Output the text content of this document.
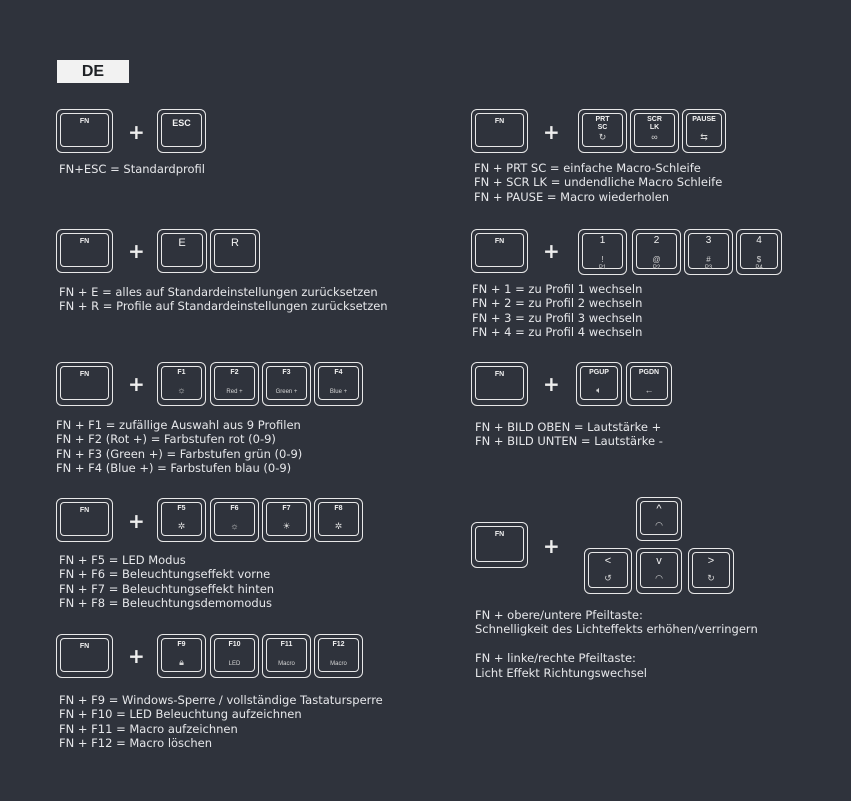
DE
FN	+	ESC
FN+ESC = Standardprofil
FN	+	E	R
FN + E = alles auf Standardeinstellungen zurücksetzen
FN + R = Profile auf Standardeinstellungen zurücksetzen
FN	+	F1
☼
F2
Red +
F3
Green +
F4
Blue +
FN + F1 = zufällige Auswahl aus 9 Profilen
FN + F2 (Rot +) = Farbstufen rot (0-9)
FN + F3 (Green +) = Farbstufen grün (0-9)
FN + F4 (Blue +) = Farbstufen blau (0-9)
FN	+
F5
✲
F6
☼
F7
☀
F8
✲
FN + F5 = LED Modus
FN + F6 = Beleuchtungseffekt vorne
FN + F7 = Beleuchtungseffekt hinten
FN + F8 = Beleuchtungsdemomodus
FN	+	F9
🔒︎
F10
LED
F11
Macro
F12
Macro
FN + F9 = Windows-Sperre / vollständige Tastatursperre
FN + F10 = LED Beleuchtung aufzeichnen
FN + F11 = Macro aufzeichnen
FN + F12 = Macro löschen
FN	+
PRT
SC
↻
SCR
LK
∞
PAUSE
⇆
FN + PRT SC = einfache Macro-Schleife
FN + SCR LK = undendliche Macro Schleife
FN + PAUSE = Macro wiederholen
FN	+	1
!
P1
2
@
P2
3
#
P3
4
$
P4
FN + 1 = zu Profil 1 wechseln
FN + 2 = zu Profil 2 wechseln
FN + 3 = zu Profil 3 wechseln
FN + 4 = zu Profil 4 wechseln
FN	+	PGUP
🔈︎
PGDN
←
FN + BILD OBEN = Lautstärke +
FN + BILD UNTEN = Lautstärke -
FN	+
^
◠
<
↺
v
◠
>
↻
FN + obere/untere Pfeiltaste:
Schnelligkeit des Lichteffekts erhöhen/verringern
FN + linke/rechte Pfeiltaste:
Licht Effekt Richtungswechsel
